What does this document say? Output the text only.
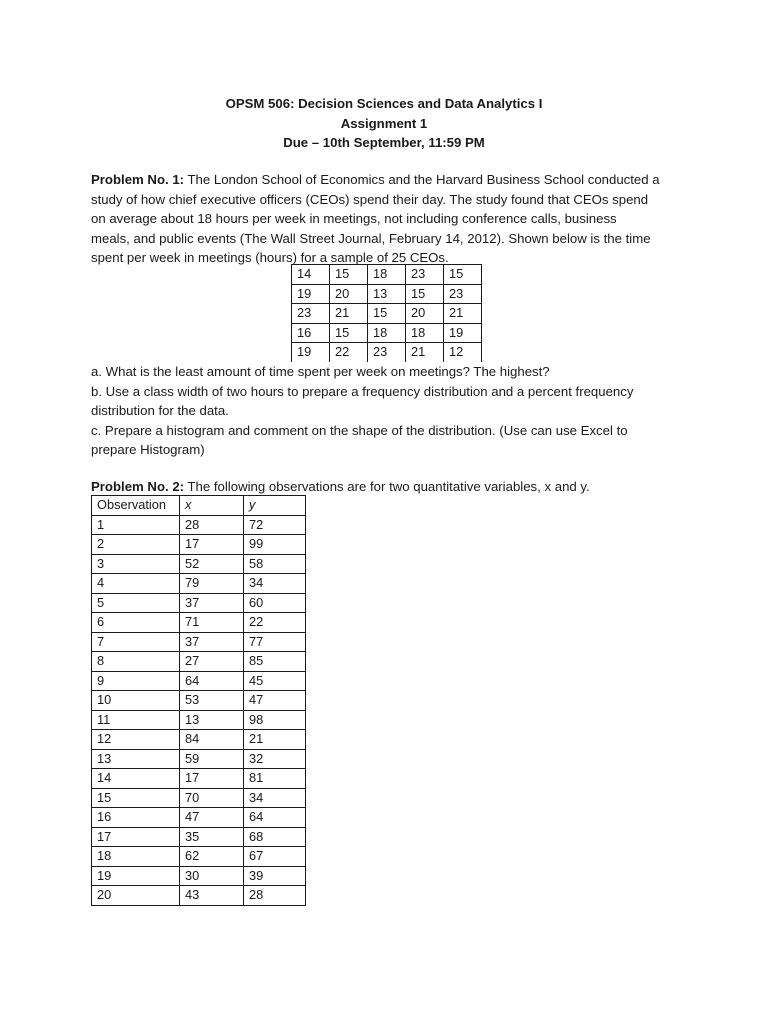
OPSM 506: Decision Sciences and Data Analytics I
Assignment 1
Due – 10th September, 11:59 PM
Problem No. 1: The London School of Economics and the Harvard Business School conducted a
study of how chief executive officers (CEOs) spend their day. The study found that CEOs spend
on average about 18 hours per week in meetings, not including conference calls, business
meals, and public events (The Wall Street Journal, February 14, 2012). Shown below is the time
spent per week in meetings (hours) for a sample of 25 CEOs.
14	15	18	23	15
19	20	13	15	23
23	21	15	20	21
16	15	18	18	19
19	22	23	21	12
a. What is the least amount of time spent per week on meetings? The highest?
b. Use a class width of two hours to prepare a frequency distribution and a percent frequency
distribution for the data.
c. Prepare a histogram and comment on the shape of the distribution. (Use can use Excel to
prepare Histogram)
Problem No. 2: The following observations are for two quantitative variables, x and y.
Observation	x	y
1	28	72
2	17	99
3	52	58
4	79	34
5	37	60
6	71	22
7	37	77
8	27	85
9	64	45
10	53	47
11	13	98
12	84	21
13	59	32
14	17	81
15	70	34
16	47	64
17	35	68
18	62	67
19	30	39
20	43	28
